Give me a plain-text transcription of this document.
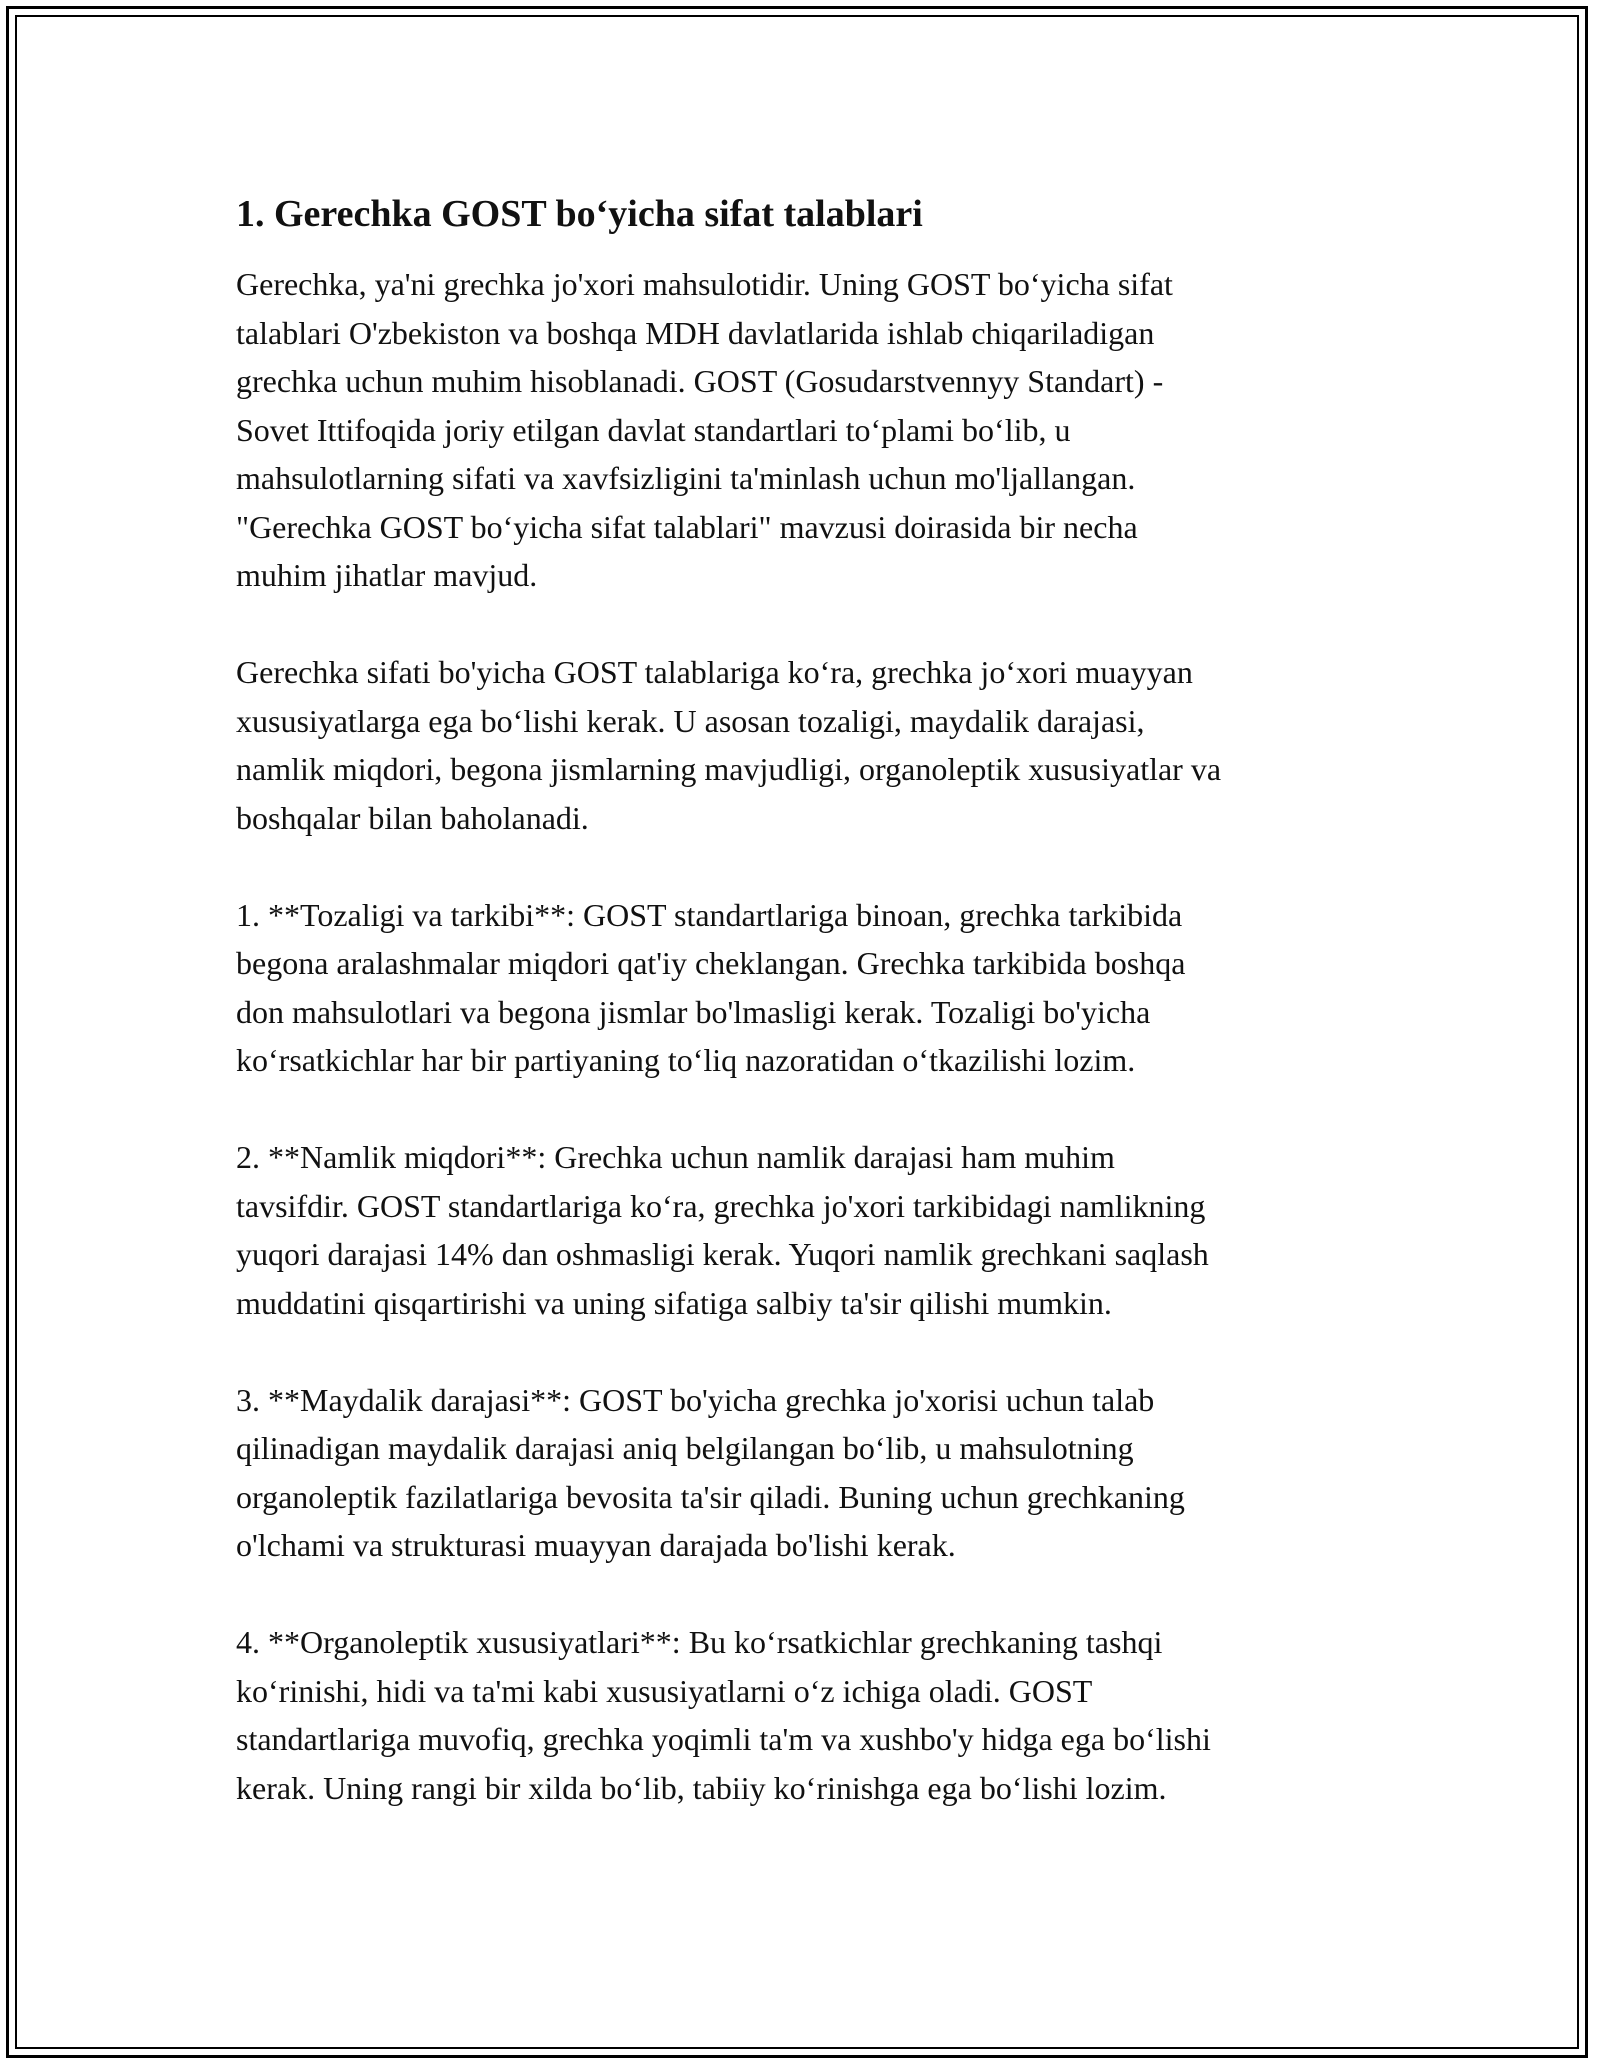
1. Gerechka GOST bo‘yicha sifat talablari

Gerechka, ya'ni grechka jo'xori mahsulotidir. Uning GOST bo‘yicha sifat
talablari O'zbekiston va boshqa MDH davlatlarida ishlab chiqariladigan
grechka uchun muhim hisoblanadi. GOST (Gosudarstvennyy Standart) -
Sovet Ittifoqida joriy etilgan davlat standartlari to‘plami bo‘lib, u
mahsulotlarning sifati va xavfsizligini ta'minlash uchun mo'ljallangan.
"Gerechka GOST bo‘yicha sifat talablari" mavzusi doirasida bir necha
muhim jihatlar mavjud.

Gerechka sifati bo'yicha GOST talablariga ko‘ra, grechka jo‘xori muayyan
xususiyatlarga ega bo‘lishi kerak. U asosan tozaligi, maydalik darajasi,
namlik miqdori, begona jismlarning mavjudligi, organoleptik xususiyatlar va
boshqalar bilan baholanadi.

1. **Tozaligi va tarkibi**: GOST standartlariga binoan, grechka tarkibida
begona aralashmalar miqdori qat'iy cheklangan. Grechka tarkibida boshqa
don mahsulotlari va begona jismlar bo'lmasligi kerak. Tozaligi bo'yicha
ko‘rsatkichlar har bir partiyaning to‘liq nazoratidan o‘tkazilishi lozim.

2. **Namlik miqdori**: Grechka uchun namlik darajasi ham muhim
tavsifdir. GOST standartlariga ko‘ra, grechka jo'xori tarkibidagi namlikning
yuqori darajasi 14% dan oshmasligi kerak. Yuqori namlik grechkani saqlash
muddatini qisqartirishi va uning sifatiga salbiy ta'sir qilishi mumkin.

3. **Maydalik darajasi**: GOST bo'yicha grechka jo'xorisi uchun talab
qilinadigan maydalik darajasi aniq belgilangan bo‘lib, u mahsulotning
organoleptik fazilatlariga bevosita ta'sir qiladi. Buning uchun grechkaning
o'lchami va strukturasi muayyan darajada bo'lishi kerak.

4. **Organoleptik xususiyatlari**: Bu ko‘rsatkichlar grechkaning tashqi
ko‘rinishi, hidi va ta'mi kabi xususiyatlarni o‘z ichiga oladi. GOST
standartlariga muvofiq, grechka yoqimli ta'm va xushbo'y hidga ega bo‘lishi
kerak. Uning rangi bir xilda bo‘lib, tabiiy ko‘rinishga ega bo‘lishi lozim.
